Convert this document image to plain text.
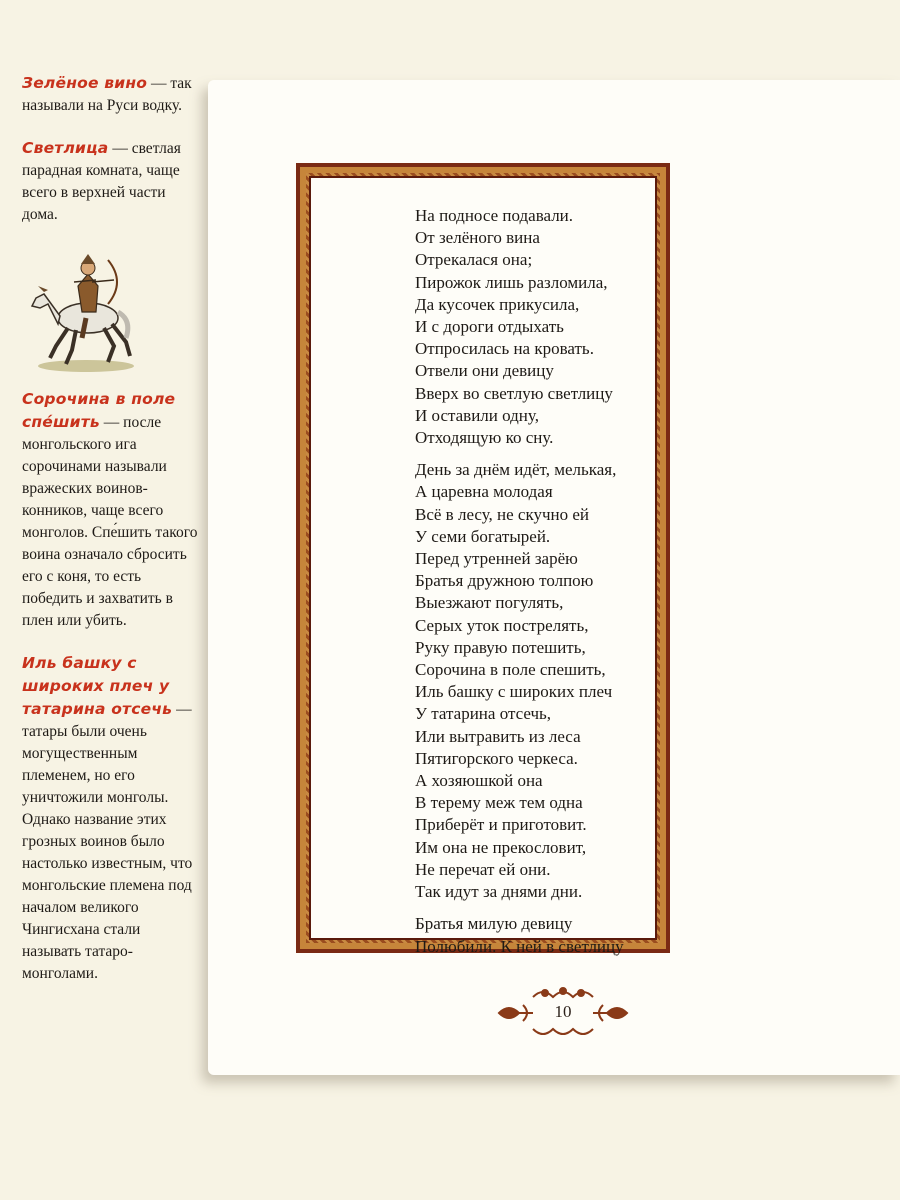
Зелёное вино — так называли на Руси водку.

Светлица — светлая парадная комната, чаще всего в верхней части дома.

Сорочина в поле спе́шить — после монгольского ига сорочинами называли вражеских воинов-конников, чаще всего монголов. Спе́шить такого воина означало сбросить его с коня, то есть победить и захватить в плен или убить.

Иль башку с широких плеч у татарина отсечь — татары были очень могущественным племенем, но его уничтожили монголы. Однако название этих грозных воинов было настолько известным, что монгольские племена под началом великого Чингисхана стали называть татаро-монголами.

На подносе подавали.
От зелёного вина
Отрекалася она;
Пирожок лишь разломила,
Да кусочек прикусила,
И с дороги отдыхать
Отпросилась на кровать.
Отвели они девицу
Вверх во светлую светлицу
И оставили одну,
Отходящую ко сну.
День за днём идёт, мелькая,
А царевна молодая
Всё в лесу, не скучно ей
У семи богатырей.
Перед утренней зарёю
Братья дружною толпою
Выезжают погулять,
Серых уток пострелять,
Руку правую потешить,
Сорочина в поле спешить,
Иль башку с широких плеч
У татарина отсечь,
Или вытравить из леса
Пятигорского черкеса.
А хозяюшкой она
В терему меж тем одна
Приберёт и приготовит.
Им она не прекословит,
Не перечат ей они.
Так идут за днями дни.
Братья милую девицу
Полюбили. К ней в светлицу
10
